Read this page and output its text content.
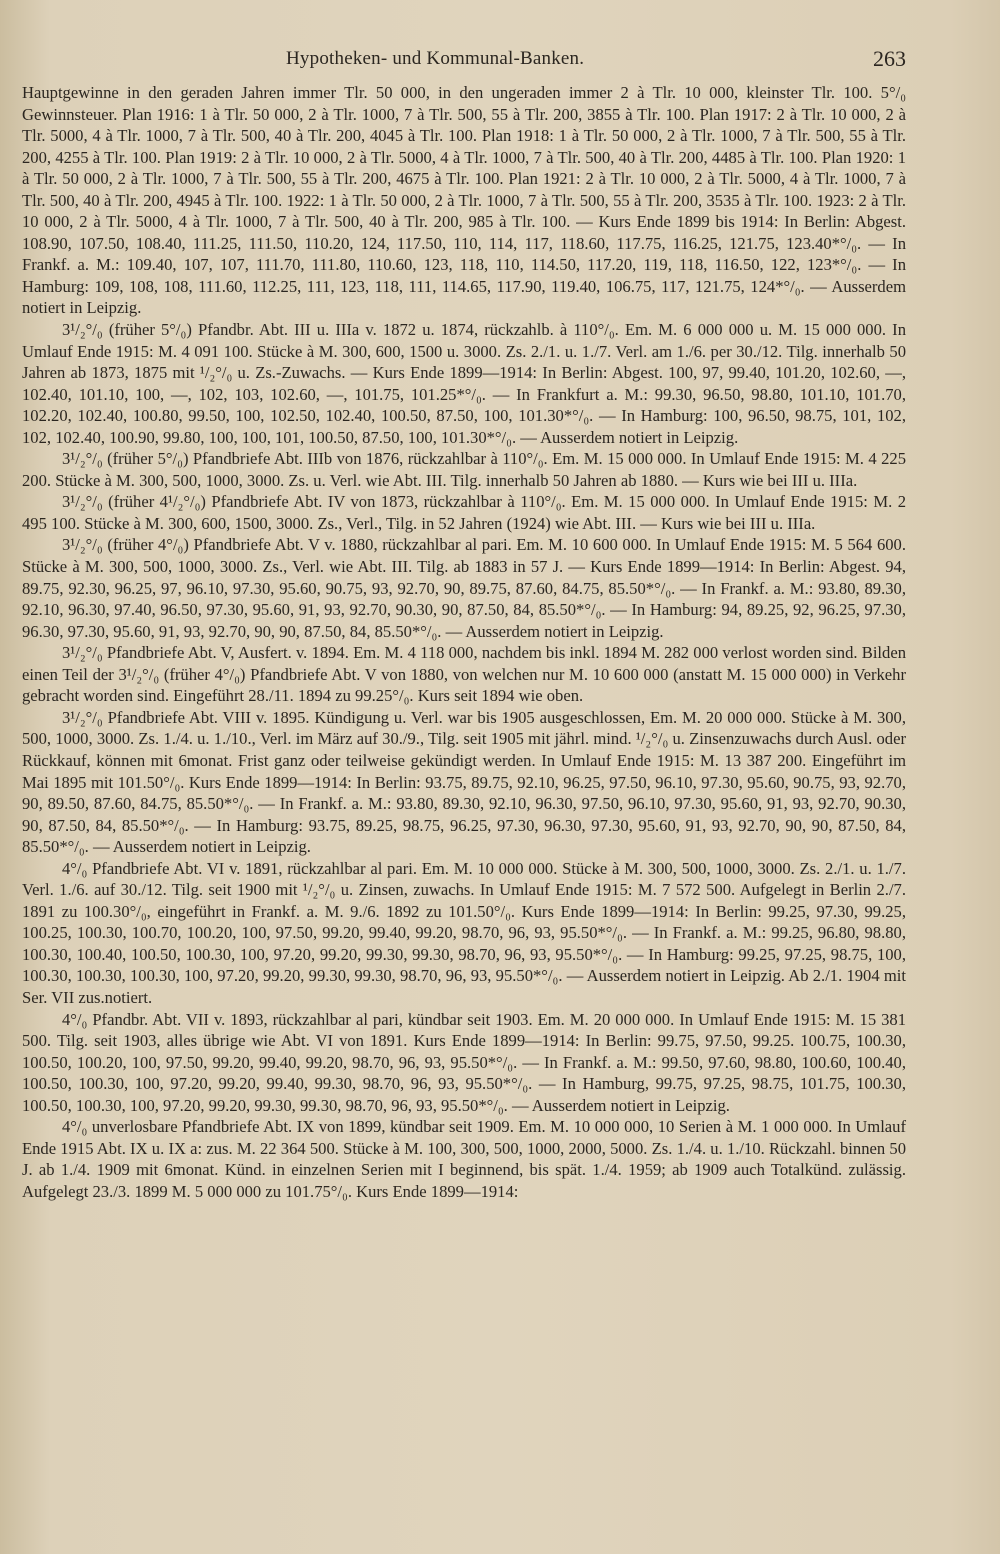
Hypotheken- und Kommunal-Banken.	263

Hauptgewinne in den geraden Jahren immer Tlr. 50 000, in den ungeraden immer 2 à Tlr. 10 000, kleinster Tlr. 100. 5°/₀ Gewinnsteuer. Plan 1916: 1 à Tlr. 50 000, 2 à Tlr. 1000, 7 à Tlr. 500, 55 à Tlr. 200, 3855 à Tlr. 100. Plan 1917: 2 à Tlr. 10 000, 2 à Tlr. 5000, 4 à Tlr. 1000, 7 à Tlr. 500, 40 à Tlr. 200, 4045 à Tlr. 100. Plan 1918: 1 à Tlr. 50 000, 2 à Tlr. 1000, 7 à Tlr. 500, 55 à Tlr. 200, 4255 à Tlr. 100. Plan 1919: 2 à Tlr. 10 000, 2 à Tlr. 5000, 4 à Tlr. 1000, 7 à Tlr. 500, 40 à Tlr. 200, 4485 à Tlr. 100. Plan 1920: 1 à Tlr. 50 000, 2 à Tlr. 1000, 7 à Tlr. 500, 55 à Tlr. 200, 4675 à Tlr. 100. Plan 1921: 2 à Tlr. 10 000, 2 à Tlr. 5000, 4 à Tlr. 1000, 7 à Tlr. 500, 40 à Tlr. 200, 4945 à Tlr. 100. 1922: 1 à Tlr. 50 000, 2 à Tlr. 1000, 7 à Tlr. 500, 55 à Tlr. 200, 3535 à Tlr. 100. 1923: 2 à Tlr. 10 000, 2 à Tlr. 5000, 4 à Tlr. 1000, 7 à Tlr. 500, 40 à Tlr. 200, 985 à Tlr. 100. — Kurs Ende 1899 bis 1914: In Berlin: Abgest. 108.90, 107.50, 108.40, 111.25, 111.50, 110.20, 124, 117.50, 110, 114, 117, 118.60, 117.75, 116.25, 121.75, 123.40*°/₀. — In Frankf. a. M.: 109.40, 107, 107, 111.70, 111.80, 110.60, 123, 118, 110, 114.50, 117.20, 119, 118, 116.50, 122, 123*°/₀. — In Hamburg: 109, 108, 108, 111.60, 112.25, 111, 123, 118, 111, 114.65, 117.90, 119.40, 106.75, 117, 121.75, 124*°/₀. — Ausserdem notiert in Leipzig.

3¹/₂°/₀ (früher 5°/₀) Pfandbr. Abt. III u. IIIa v. 1872 u. 1874, rückzahlb. à 110°/₀. Em. M. 6 000 000 u. M. 15 000 000. In Umlauf Ende 1915: M. 4 091 100. Stücke à M. 300, 600, 1500 u. 3000. Zs. 2./1. u. 1./7. Verl. am 1./6. per 30./12. Tilg. innerhalb 50 Jahren ab 1873, 1875 mit ¹/₂°/₀ u. Zs.-Zuwachs. — Kurs Ende 1899—1914: In Berlin: Abgest. 100, 97, 99.40, 101.20, 102.60, —, 102.40, 101.10, 100, —, 102, 103, 102.60, —, 101.75, 101.25*°/₀. — In Frankfurt a. M.: 99.30, 96.50, 98.80, 101.10, 101.70, 102.20, 102.40, 100.80, 99.50, 100, 102.50, 102.40, 100.50, 87.50, 100, 101.30*°/₀. — In Hamburg: 100, 96.50, 98.75, 101, 102, 102, 102.40, 100.90, 99.80, 100, 100, 101, 100.50, 87.50, 100, 101.30*°/₀. — Ausserdem notiert in Leipzig.

3¹/₂°/₀ (früher 5°/₀) Pfandbriefe Abt. IIIb von 1876, rückzahlbar à 110°/₀. Em. M. 15 000 000. In Umlauf Ende 1915: M. 4 225 200. Stücke à M. 300, 500, 1000, 3000. Zs. u. Verl. wie Abt. III. Tilg. innerhalb 50 Jahren ab 1880. — Kurs wie bei III u. IIIa.

3¹/₂°/₀ (früher 4¹/₂°/₀) Pfandbriefe Abt. IV von 1873, rückzahlbar à 110°/₀. Em. M. 15 000 000. In Umlauf Ende 1915: M. 2 495 100. Stücke à M. 300, 600, 1500, 3000. Zs., Verl., Tilg. in 52 Jahren (1924) wie Abt. III. — Kurs wie bei III u. IIIa.

3¹/₂°/₀ (früher 4°/₀) Pfandbriefe Abt. V v. 1880, rückzahlbar al pari. Em. M. 10 600 000. In Umlauf Ende 1915: M. 5 564 600. Stücke à M. 300, 500, 1000, 3000. Zs., Verl. wie Abt. III. Tilg. ab 1883 in 57 J. — Kurs Ende 1899—1914: In Berlin: Abgest. 94, 89.75, 92.30, 96.25, 97, 96.10, 97.30, 95.60, 90.75, 93, 92.70, 90, 89.75, 87.60, 84.75, 85.50*°/₀. — In Frankf. a. M.: 93.80, 89.30, 92.10, 96.30, 97.40, 96.50, 97.30, 95.60, 91, 93, 92.70, 90.30, 90, 87.50, 84, 85.50*°/₀. — In Hamburg: 94, 89.25, 92, 96.25, 97.30, 96.30, 97.30, 95.60, 91, 93, 92.70, 90, 90, 87.50, 84, 85.50*°/₀. — Ausserdem notiert in Leipzig.

3¹/₂°/₀ Pfandbriefe Abt. V, Ausfert. v. 1894. Em. M. 4 118 000, nachdem bis inkl. 1894 M. 282 000 verlost worden sind. Bilden einen Teil der 3¹/₂°/₀ (früher 4°/₀) Pfandbriefe Abt. V von 1880, von welchen nur M. 10 600 000 (anstatt M. 15 000 000) in Verkehr gebracht worden sind. Eingeführt 28./11. 1894 zu 99.25°/₀. Kurs seit 1894 wie oben.

3¹/₂°/₀ Pfandbriefe Abt. VIII v. 1895. Kündigung u. Verl. war bis 1905 ausgeschlossen, Em. M. 20 000 000. Stücke à M. 300, 500, 1000, 3000. Zs. 1./4. u. 1./10., Verl. im März auf 30./9., Tilg. seit 1905 mit jährl. mind. ¹/₂°/₀ u. Zinsenzuwachs durch Ausl. oder Rückkauf, können mit 6monat. Frist ganz oder teilweise gekündigt werden. In Umlauf Ende 1915: M. 13 387 200. Eingeführt im Mai 1895 mit 101.50°/₀. Kurs Ende 1899—1914: In Berlin: 93.75, 89.75, 92.10, 96.25, 97.50, 96.10, 97.30, 95.60, 90.75, 93, 92.70, 90, 89.50, 87.60, 84.75, 85.50*°/₀. — In Frankf. a. M.: 93.80, 89.30, 92.10, 96.30, 97.50, 96.10, 97.30, 95.60, 91, 93, 92.70, 90.30, 90, 87.50, 84, 85.50*°/₀. — In Hamburg: 93.75, 89.25, 98.75, 96.25, 97.30, 96.30, 97.30, 95.60, 91, 93, 92.70, 90, 90, 87.50, 84, 85.50*°/₀. — Ausserdem notiert in Leipzig.

4°/₀ Pfandbriefe Abt. VI v. 1891, rückzahlbar al pari. Em. M. 10 000 000. Stücke à M. 300, 500, 1000, 3000. Zs. 2./1. u. 1./7. Verl. 1./6. auf 30./12. Tilg. seit 1900 mit ¹/₂°/₀ u. Zinsen, zuwachs. In Umlauf Ende 1915: M. 7 572 500. Aufgelegt in Berlin 2./7. 1891 zu 100.30°/₀, eingeführt in Frankf. a. M. 9./6. 1892 zu 101.50°/₀. Kurs Ende 1899—1914: In Berlin: 99.25, 97.30, 99.25, 100.25, 100.30, 100.70, 100.20, 100, 97.50, 99.20, 99.40, 99.20, 98.70, 96, 93, 95.50*°/₀. — In Frankf. a. M.: 99.25, 96.80, 98.80, 100.30, 100.40, 100.50, 100.30, 100, 97.20, 99.20, 99.30, 99.30, 98.70, 96, 93, 95.50*°/₀. — In Hamburg: 99.25, 97.25, 98.75, 100, 100.30, 100.30, 100.30, 100, 97.20, 99.20, 99.30, 99.30, 98.70, 96, 93, 95.50*°/₀. — Ausserdem notiert in Leipzig. Ab 2./1. 1904 mit Ser. VII zus.notiert.

4°/₀ Pfandbr. Abt. VII v. 1893, rückzahlbar al pari, kündbar seit 1903. Em. M. 20 000 000. In Umlauf Ende 1915: M. 15 381 500. Tilg. seit 1903, alles übrige wie Abt. VI von 1891. Kurs Ende 1899—1914: In Berlin: 99.75, 97.50, 99.25. 100.75, 100.30, 100.50, 100.20, 100, 97.50, 99.20, 99.40, 99.20, 98.70, 96, 93, 95.50*°/₀. — In Frankf. a. M.: 99.50, 97.60, 98.80, 100.60, 100.40, 100.50, 100.30, 100, 97.20, 99.20, 99.40, 99.30, 98.70, 96, 93, 95.50*°/₀. — In Hamburg, 99.75, 97.25, 98.75, 101.75, 100.30, 100.50, 100.30, 100, 97.20, 99.20, 99.30, 99.30, 98.70, 96, 93, 95.50*°/₀. — Ausserdem notiert in Leipzig.

4°/₀ unverlosbare Pfandbriefe Abt. IX von 1899, kündbar seit 1909. Em. M. 10 000 000, 10 Serien à M. 1 000 000. In Umlauf Ende 1915 Abt. IX u. IX a: zus. M. 22 364 500. Stücke à M. 100, 300, 500, 1000, 2000, 5000. Zs. 1./4. u. 1./10. Rückzahl. binnen 50 J. ab 1./4. 1909 mit 6monat. Künd. in einzelnen Serien mit I beginnend, bis spät. 1./4. 1959; ab 1909 auch Totalkünd. zulässig. Aufgelegt 23./3. 1899 M. 5 000 000 zu 101.75°/₀. Kurs Ende 1899—1914:
